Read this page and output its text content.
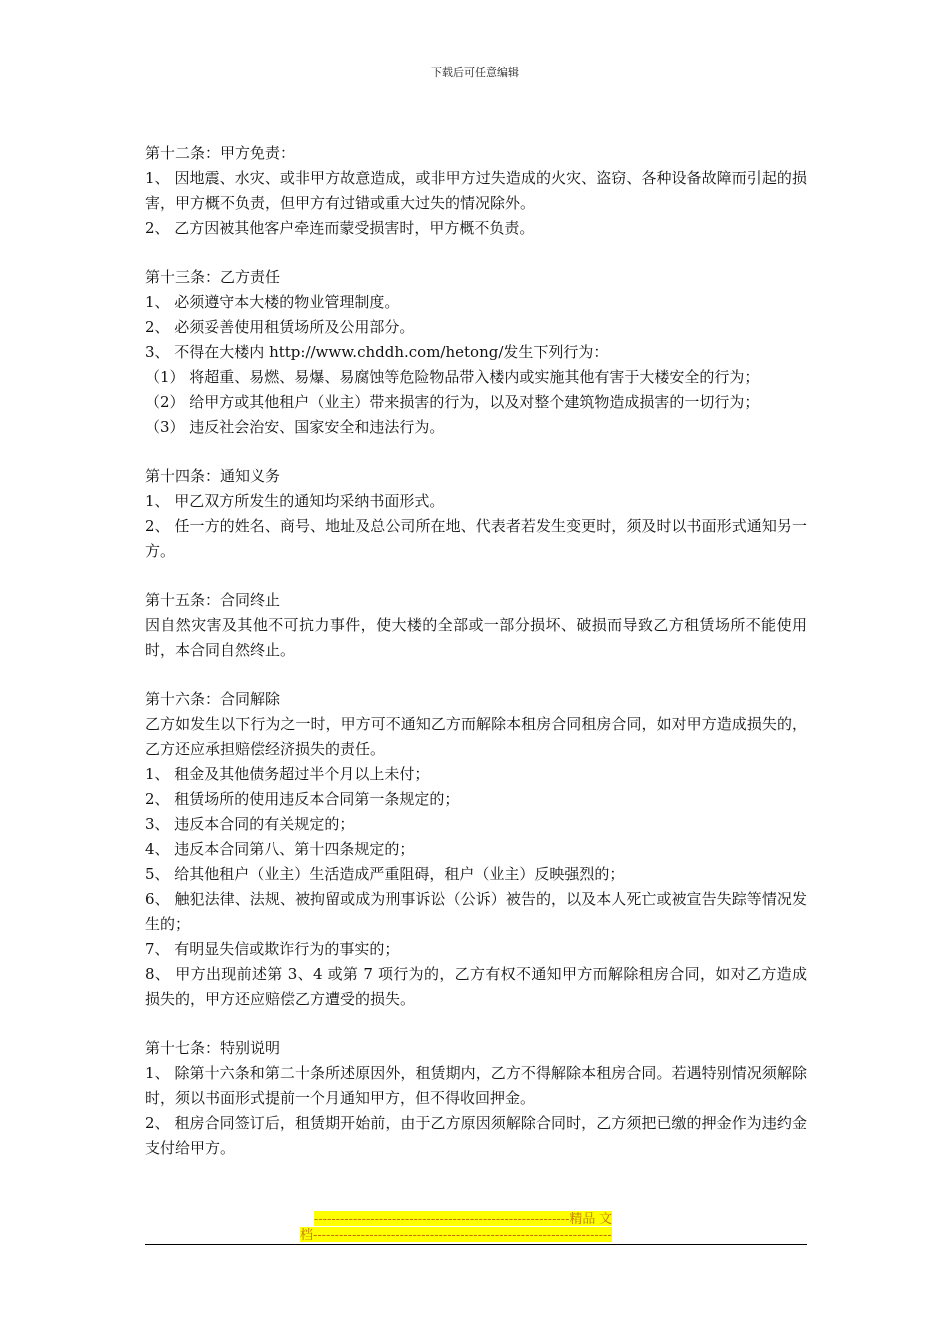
下载后可任意编辑

第十二条：甲方免责：

1、 因地震、水灾、或非甲方故意造成，或非甲方过失造成的火灾、盗窃、各种设备故障而引起的损害，甲方概不负责，但甲方有过错或重大过失的情况除外。

2、 乙方因被其他客户牵连而蒙受损害时，甲方概不负责。

第十三条：乙方责任

1、 必须遵守本大楼的物业管理制度。

2、 必须妥善使用租赁场所及公用部分。

3、 不得在大楼内 http://www.chddh.com/hetong/发生下列行为：

（1） 将超重、易燃、易爆、易腐蚀等危险物品带入楼内或实施其他有害于大楼安全的行为；

（2） 给甲方或其他租户（业主）带来损害的行为，以及对整个建筑物造成损害的一切行为；

（3） 违反社会治安、国家安全和违法行为。

第十四条：通知义务

1、 甲乙双方所发生的通知均采纳书面形式。

2、 任一方的姓名、商号、地址及总公司所在地、代表者若发生变更时，须及时以书面形式通知另一方。

第十五条：合同终止

因自然灾害及其他不可抗力事件，使大楼的全部或一部分损坏、破损而导致乙方租赁场所不能使用时，本合同自然终止。

第十六条：合同解除

乙方如发生以下行为之一时，甲方可不通知乙方而解除本租房合同租房合同，如对甲方造成损失的，乙方还应承担赔偿经济损失的责任。

1、 租金及其他债务超过半个月以上未付；

2、 租赁场所的使用违反本合同第一条规定的；

3、 违反本合同的有关规定的；

4、 违反本合同第八、第十四条规定的；

5、 给其他租户（业主）生活造成严重阻碍，租户（业主）反映强烈的；

6、 触犯法律、法规、被拘留或成为刑事诉讼（公诉）被告的，以及本人死亡或被宣告失踪等情况发生的；

7、 有明显失信或欺诈行为的事实的；

8、 甲方出现前述第 3、4 或第 7 项行为的，乙方有权不通知甲方而解除租房合同，如对乙方造成损失的，甲方还应赔偿乙方遭受的损失。

第十七条：特别说明

1、 除第十六条和第二十条所述原因外，租赁期内，乙方不得解除本租房合同。若遇特别情况须解除时，须以书面形式提前一个月通知甲方，但不得收回押金。

2、 租房合同签订后，租赁期开始前，由于乙方原因须解除合同时，乙方须把已缴的押金作为违约金支付给甲方。

-----------------------------------------------------------精品 文
档---------------------------------------------------------------------
